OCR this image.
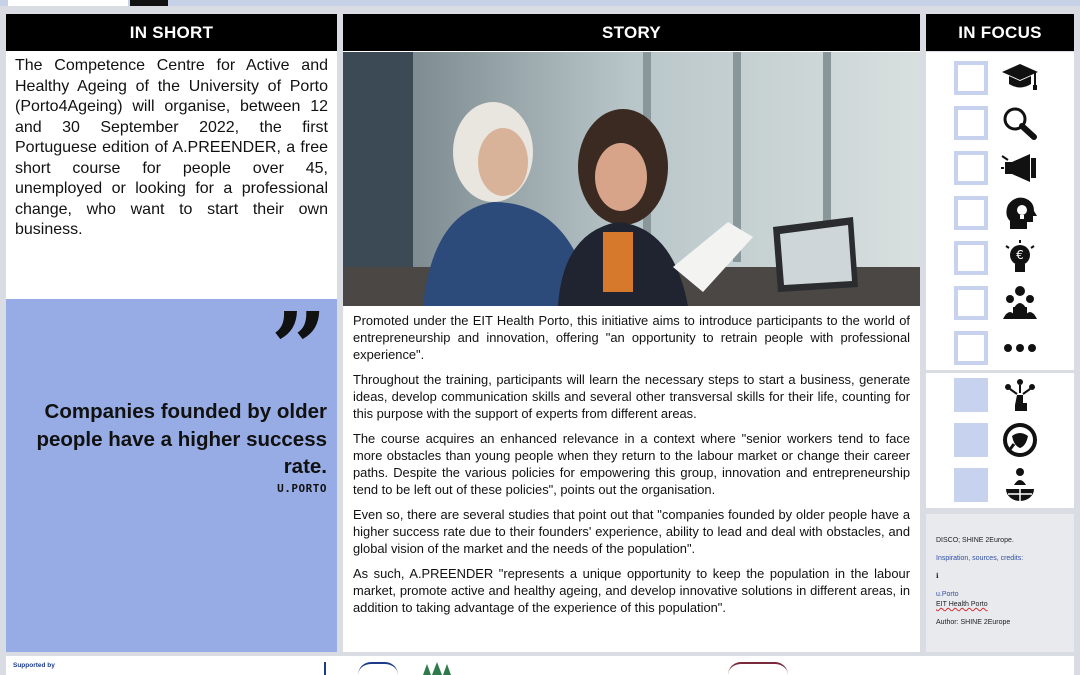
IN SHORT
The Competence Centre for Active and Healthy Ageing of the University of Porto (Porto4Ageing) will organise, between 12 and 30 September 2022, the first Portuguese edition of A.PREENDER, a free short course for people over 45, unemployed or looking for a professional change, who want to start their own business.
”
Companies founded by older people have a higher success rate.
U.PORTO
STORY

Promoted under the EIT Health Porto, this initiative aims to introduce participants to the world of entrepreneurship and innovation, offering "an opportunity to retrain people with professional experience".

Throughout the training, participants will learn the necessary steps to start a business, generate ideas, develop communication skills and several other transversal skills for their life, counting for this purpose with the support of experts from different areas.

The course acquires an enhanced relevance in a context where "senior workers tend to face more obstacles than young people when they return to the labour market or change their career paths. Despite the various policies for empowering this group, innovation and entrepreneurship tend to be left out of these policies", points out the organisation.

Even so, there are several studies that point out that "companies founded by older people have a higher success rate due to their founders' experience, ability to lead and deal with obstacles, and global vision of the market and the needs of the population".

As such, A.PREENDER "represents a unique opportunity to keep the population in the labour market, promote active and healthy ageing, and develop innovative solutions in different areas, in addition to taking advantage of the experience of this population".

IN FOCUS
€
DISCO; SHINE 2Europe.
Inspiration, sources, credits:
ℹ
u.Porto
EIT Health Porto
Author: SHINE 2Europe
Supported by
